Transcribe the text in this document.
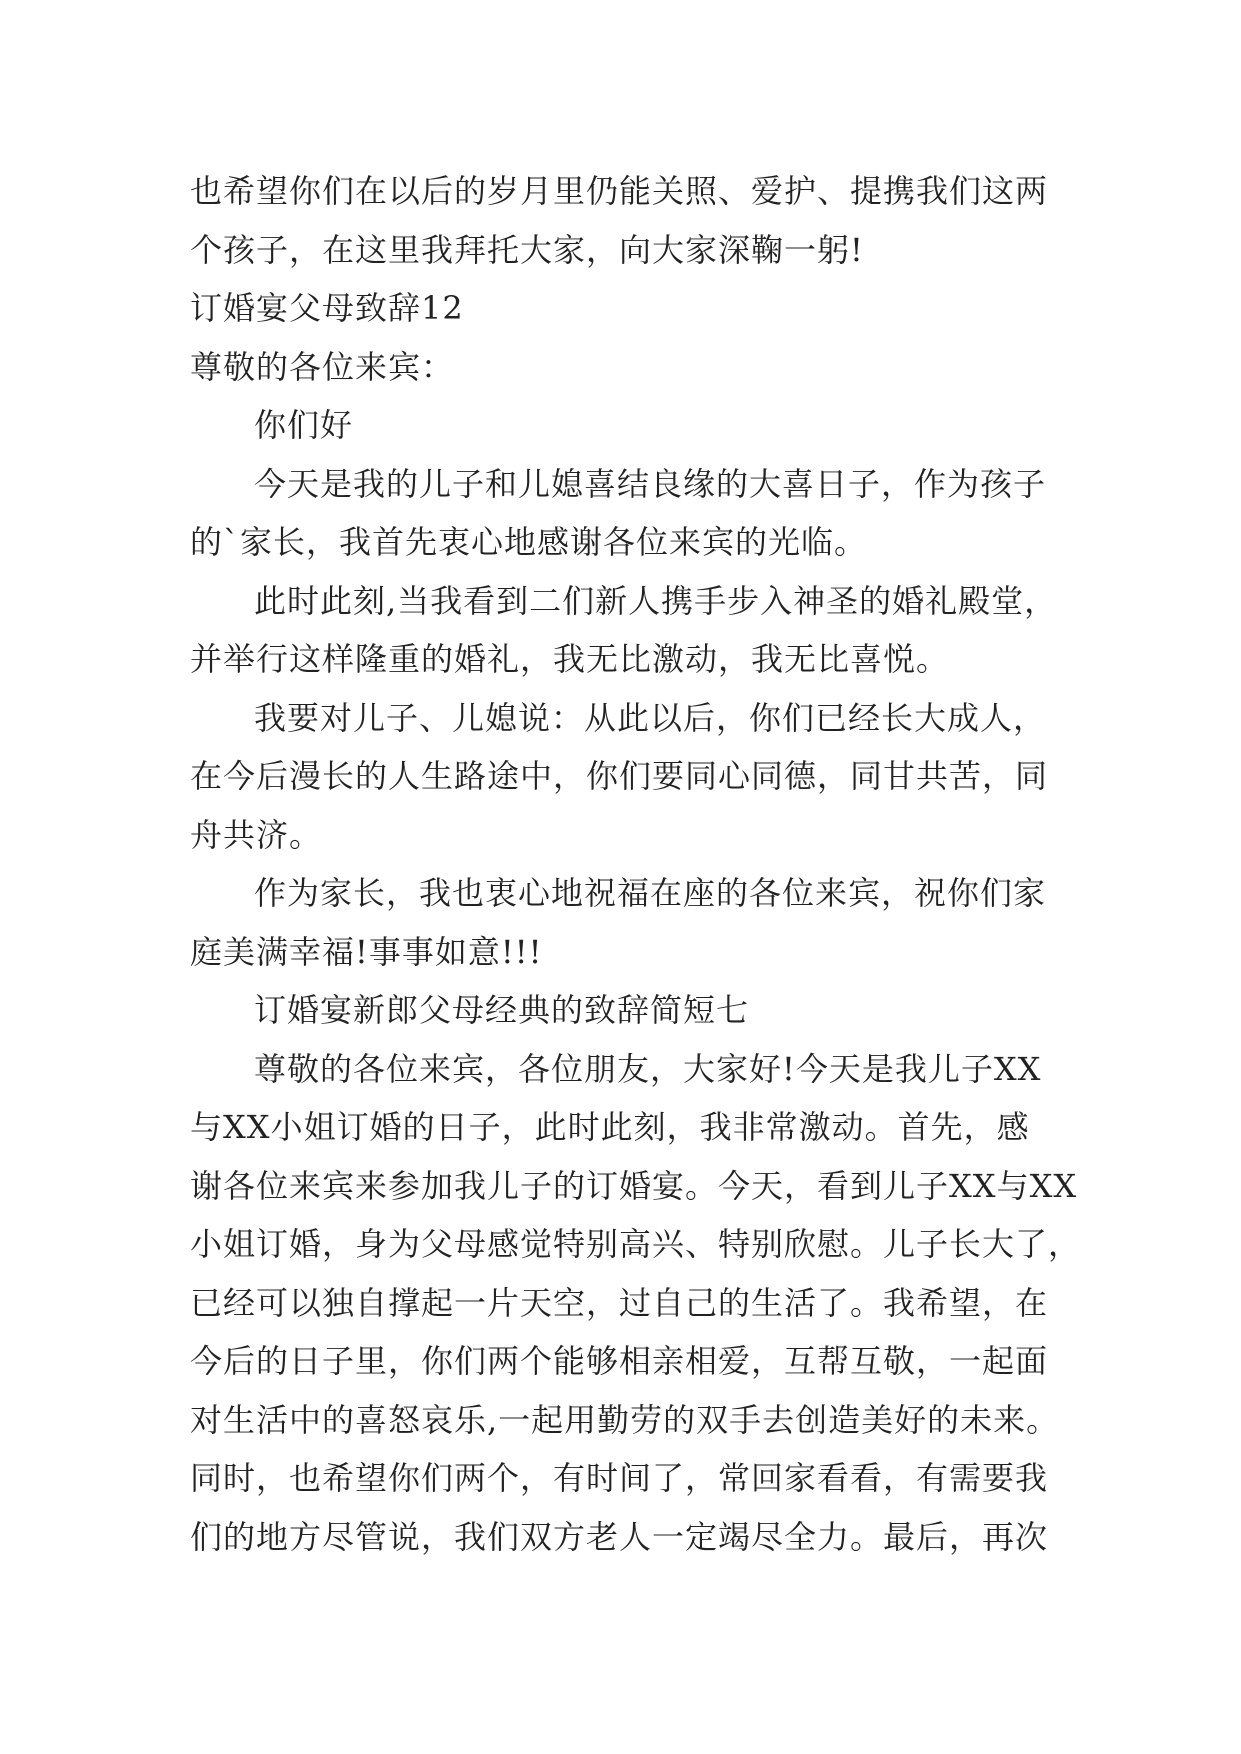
也希望你们在以后的岁月里仍能关照、爱护、提携我们这两
个孩子，在这里我拜托大家，向大家深鞠一躬!
订婚宴父母致辞12
尊敬的各位来宾：
你们好
今天是我的儿子和儿媳喜结良缘的大喜日子，作为孩子
的`家长，我首先衷心地感谢各位来宾的光临。
此时此刻,当我看到二们新人携手步入神圣的婚礼殿堂，
并举行这样隆重的婚礼，我无比激动，我无比喜悦。
我要对儿子、儿媳说：从此以后，你们已经长大成人，
在今后漫长的人生路途中，你们要同心同德，同甘共苦，同
舟共济。
作为家长，我也衷心地祝福在座的各位来宾，祝你们家
庭美满幸福!事事如意!!!
订婚宴新郎父母经典的致辞简短七
尊敬的各位来宾，各位朋友，大家好!今天是我儿子XX
与XX小姐订婚的日子，此时此刻，我非常激动。首先，感
谢各位来宾来参加我儿子的订婚宴。今天，看到儿子XX与XX
小姐订婚，身为父母感觉特别高兴、特别欣慰。儿子长大了，
已经可以独自撑起一片天空，过自己的生活了。我希望，在
今后的日子里，你们两个能够相亲相爱，互帮互敬，一起面
对生活中的喜怒哀乐,一起用勤劳的双手去创造美好的未来。
同时，也希望你们两个，有时间了，常回家看看，有需要我
们的地方尽管说，我们双方老人一定竭尽全力。最后，再次
